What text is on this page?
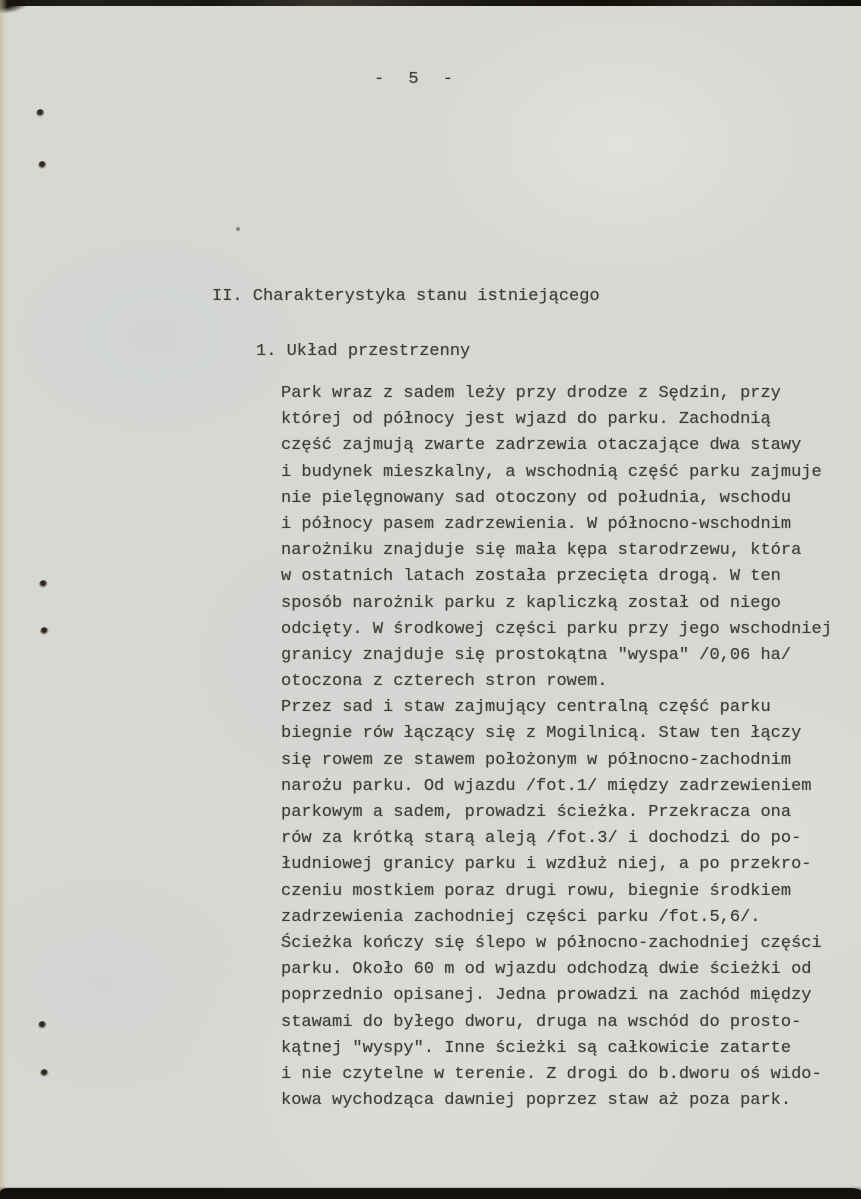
- 5 -
II. Charakterystyka stanu istniejącego
1. Układ przestrzenny
Park wraz z sadem leży przy drodze z Sędzin, przy
której od północy jest wjazd do parku. Zachodnią
część zajmują zwarte zadrzewia otaczające dwa stawy
i budynek mieszkalny, a wschodnią część parku zajmuje
nie pielęgnowany sad otoczony od południa, wschodu
i północy pasem zadrzewienia. W północno-wschodnim
narożniku znajduje się mała kępa starodrzewu, która
w ostatnich latach została przecięta drogą. W ten
sposób narożnik parku z kapliczką został od niego
odcięty. W środkowej części parku przy jego wschodniej
granicy znajduje się prostokątna "wyspa" /0,06 ha/
otoczona z czterech stron rowem.
Przez sad i staw zajmujący centralną część parku
biegnie rów łączący się z Mogilnicą. Staw ten łączy
się rowem ze stawem położonym w północno-zachodnim
narożu parku. Od wjazdu /fot.1/ między zadrzewieniem
parkowym a sadem, prowadzi ścieżka. Przekracza ona
rów za krótką starą aleją /fot.3/ i dochodzi do po-
łudniowej granicy parku i wzdłuż niej, a po przekro-
czeniu mostkiem poraz drugi rowu, biegnie środkiem
zadrzewienia zachodniej części parku /fot.5,6/.
Ścieżka kończy się ślepo w północno-zachodniej części
parku. Około 60 m od wjazdu odchodzą dwie ścieżki od
poprzednio opisanej. Jedna prowadzi na zachód między
stawami do byłego dworu, druga na wschód do prosto-
kątnej "wyspy". Inne ścieżki są całkowicie zatarte
i nie czytelne w terenie. Z drogi do b.dworu oś wido-
kowa wychodząca dawniej poprzez staw aż poza park.
